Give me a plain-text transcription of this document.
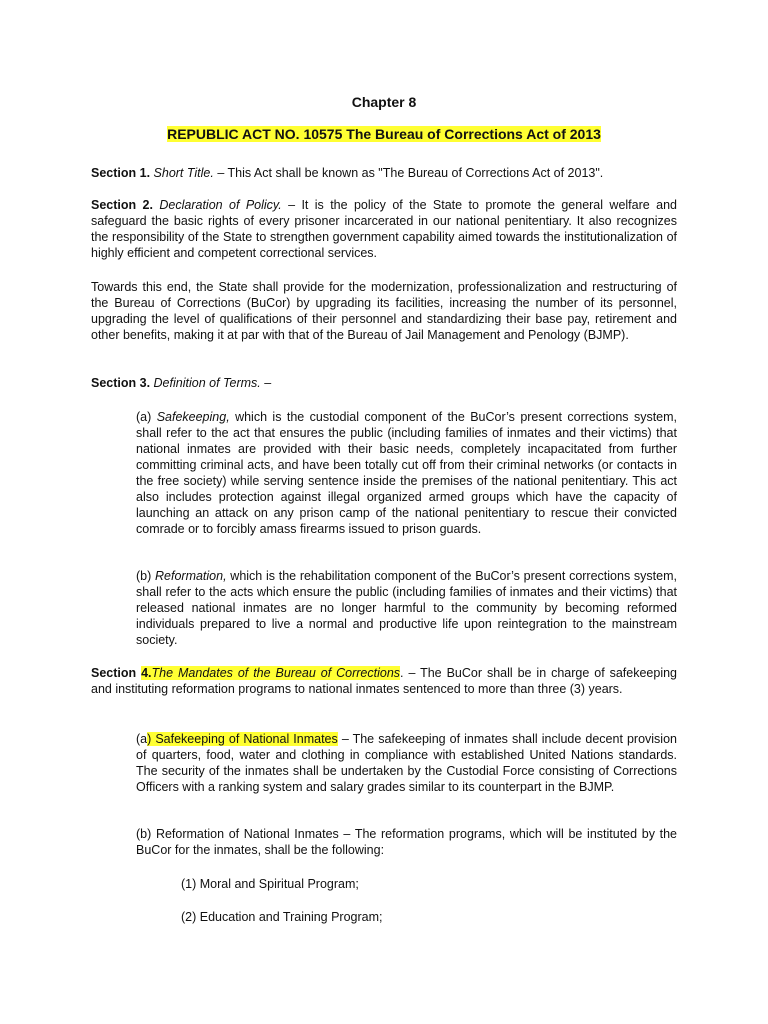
Chapter 8
REPUBLIC ACT NO. 10575 The Bureau of Corrections Act of 2013

Section 1. Short Title. – This Act shall be known as "The Bureau of Corrections Act of 2013".

Section 2. Declaration of Policy. – It is the policy of the State to promote the general welfare and safeguard the basic rights of every prisoner incarcerated in our national penitentiary. It also recognizes the responsibility of the State to strengthen government capability aimed towards the institutionalization of highly efficient and competent correctional services.

Towards this end, the State shall provide for the modernization, professionalization and restructuring of the Bureau of Corrections (BuCor) by upgrading its facilities, increasing the number of its personnel, upgrading the level of qualifications of their personnel and standardizing their base pay, retirement and other benefits, making it at par with that of the Bureau of Jail Management and Penology (BJMP).

Section 3. Definition of Terms. –

(a) Safekeeping, which is the custodial component of the BuCor’s present corrections system, shall refer to the act that ensures the public (including families of inmates and their victims) that national inmates are provided with their basic needs, completely incapacitated from further committing criminal acts, and have been totally cut off from their criminal networks (or contacts in the free society) while serving sentence inside the premises of the national penitentiary. This act also includes protection against illegal organized armed groups which have the capacity of launching an attack on any prison camp of the national penitentiary to rescue their convicted comrade or to forcibly amass firearms issued to prison guards.

(b) Reformation, which is the rehabilitation component of the BuCor’s present corrections system, shall refer to the acts which ensure the public (including families of inmates and their victims) that released national inmates are no longer harmful to the community by becoming reformed individuals prepared to live a normal and productive life upon reintegration to the mainstream society.

Section 4.The Mandates of the Bureau of Corrections. – The BuCor shall be in charge of safekeeping and instituting reformation programs to national inmates sentenced to more than three (3) years.

(a) Safekeeping of National Inmates – The safekeeping of inmates shall include decent provision of quarters, food, water and clothing in compliance with established United Nations standards. The security of the inmates shall be undertaken by the Custodial Force consisting of Corrections Officers with a ranking system and salary grades similar to its counterpart in the BJMP.

(b) Reformation of National Inmates – The reformation programs, which will be instituted by the BuCor for the inmates, shall be the following:

(1) Moral and Spiritual Program;
(2) Education and Training Program;
